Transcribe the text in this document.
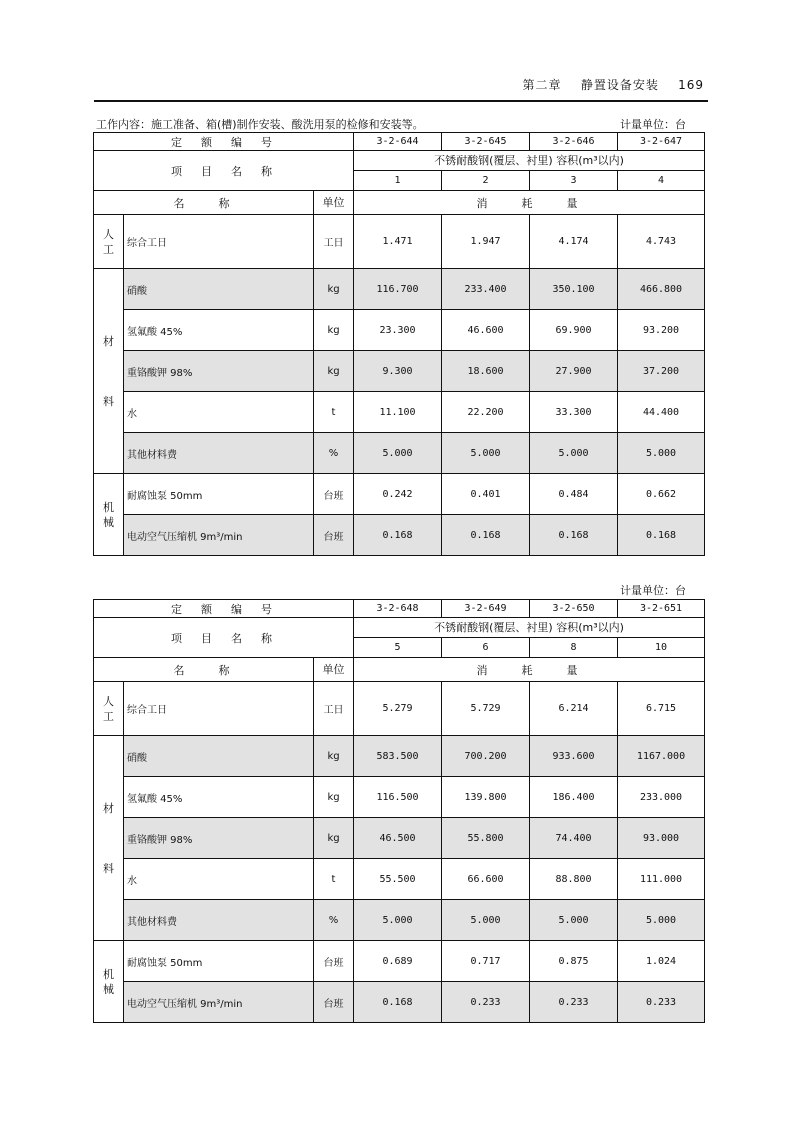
第二章 静置设备安装 169
工作内容：施工准备、箱(槽)制作安装、酸洗用泵的检修和安装等。	计量单位：台
定　额　编　号			3-2-644	3-2-645	3-2-646	3-2-647
项　目　名　称			不锈耐酸钢(覆层、衬里) 容积(m³以内)			
			1	2	3	4
名　　称		单位	消　　耗　　量			
人
工	综合工日	工日	1.471	1.947	4.174	4.743
材

料	硝酸	kg	116.700	233.400	350.100	466.800
	氢氟酸 45%	kg	23.300	46.600	69.900	93.200
	重铬酸钾 98%	kg	9.300	18.600	27.900	37.200
	水	t	11.100	22.200	33.300	44.400
	其他材料费	%	5.000	5.000	5.000	5.000
机
械	耐腐蚀泵 50mm	台班	0.242	0.401	0.484	0.662
	电动空气压缩机 9m³/min	台班	0.168	0.168	0.168	0.168
计量单位：台
定　额　编　号			3-2-648	3-2-649	3-2-650	3-2-651
项　目　名　称			不锈耐酸钢(覆层、衬里) 容积(m³以内)			
			5	6	8	10
名　　称		单位	消　　耗　　量			
人
工	综合工日	工日	5.279	5.729	6.214	6.715
材

料	硝酸	kg	583.500	700.200	933.600	1167.000
	氢氟酸 45%	kg	116.500	139.800	186.400	233.000
	重铬酸钾 98%	kg	46.500	55.800	74.400	93.000
	水	t	55.500	66.600	88.800	111.000
	其他材料费	%	5.000	5.000	5.000	5.000
机
械	耐腐蚀泵 50mm	台班	0.689	0.717	0.875	1.024
	电动空气压缩机 9m³/min	台班	0.168	0.233	0.233	0.233
